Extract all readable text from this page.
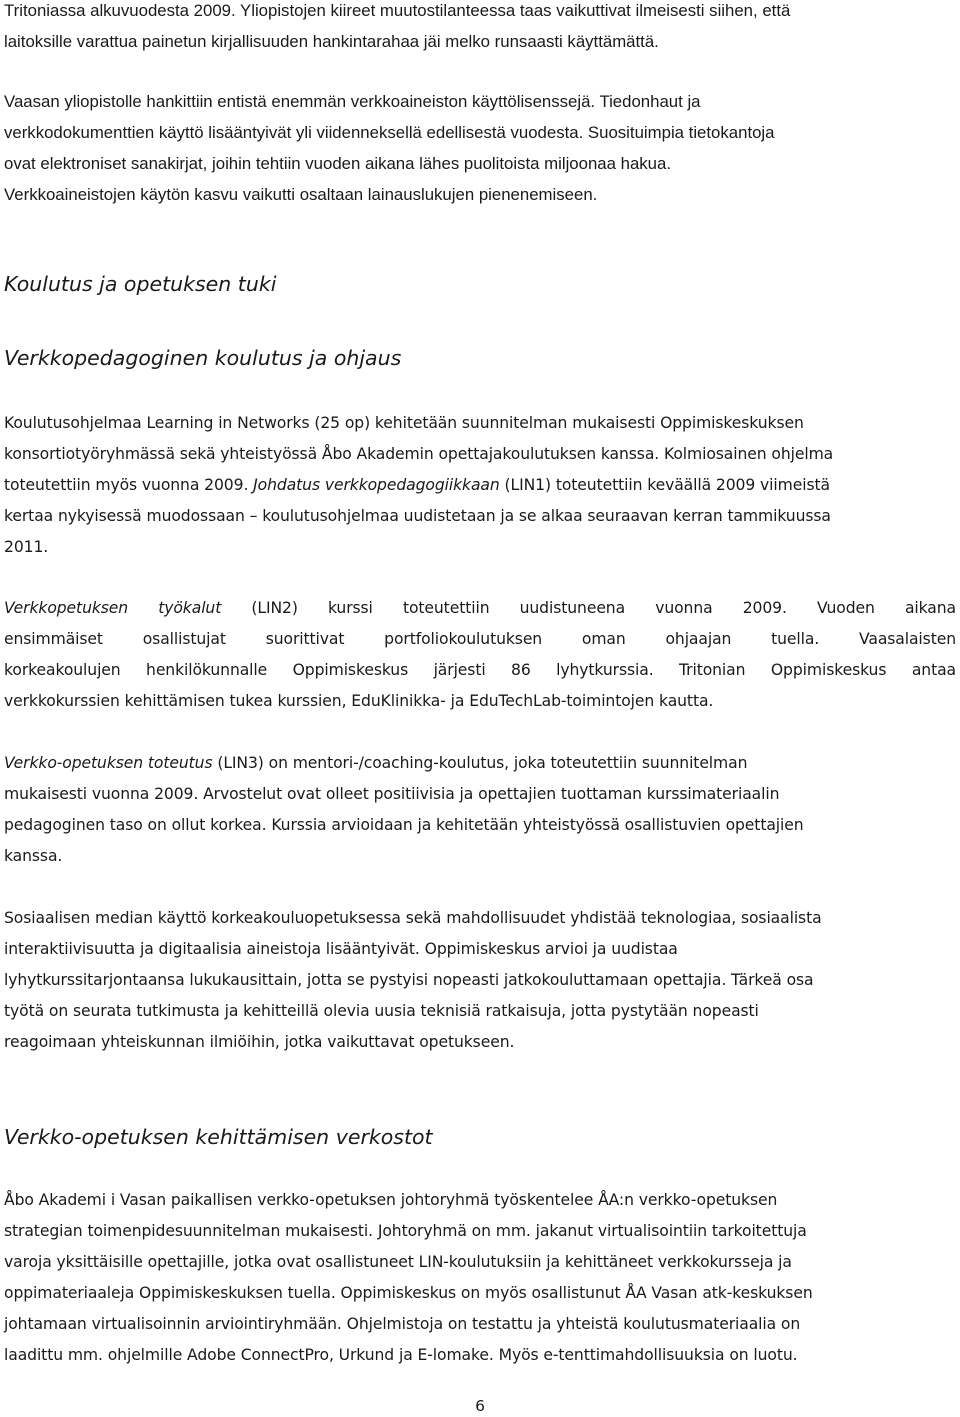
Tritoniassa alkuvuodesta 2009. Yliopistojen kiireet muutostilanteessa taas vaikuttivat ilmeisesti siihen, että
laitoksille varattua painetun kirjallisuuden hankintarahaa jäi melko runsaasti käyttämättä.
Vaasan yliopistolle hankittiin entistä enemmän verkkoaineiston käyttölisenssejä. Tiedonhaut ja
verkkodokumenttien käyttö lisääntyivät yli viidenneksellä edellisestä vuodesta. Suosituimpia tietokantoja
ovat elektroniset sanakirjat, joihin tehtiin vuoden aikana lähes puolitoista miljoonaa hakua.
Verkkoaineistojen käytön kasvu vaikutti osaltaan lainauslukujen pienenemiseen.
Koulutus ja opetuksen tuki
Verkkopedagoginen koulutus ja ohjaus
Koulutusohjelmaa Learning in Networks (25 op) kehitetään suunnitelman mukaisesti Oppimiskeskuksen
konsortiotyöryhmässä sekä yhteistyössä Åbo Akademin opettajakoulutuksen kanssa. Kolmiosainen ohjelma
toteutettiin myös vuonna 2009. Johdatus verkkopedagogiikkaan (LIN1) toteutettiin keväällä 2009 viimeistä
kertaa nykyisessä muodossaan – koulutusohjelmaa uudistetaan ja se alkaa seuraavan kerran tammikuussa
2011.
Verkkopetuksen työkalut (LIN2) kurssi toteutettiin uudistuneena vuonna 2009. Vuoden aikana
ensimmäiset osallistujat suorittivat portfoliokoulutuksen oman ohjaajan tuella. Vaasalaisten
korkeakoulujen henkilökunnalle Oppimiskeskus järjesti 86 lyhytkurssia. Tritonian Oppimiskeskus antaa
verkkokurssien kehittämisen tukea kurssien, EduKlinikka- ja EduTechLab-toimintojen kautta.
Verkko-opetuksen toteutus (LIN3) on mentori-/coaching-koulutus, joka toteutettiin suunnitelman
mukaisesti vuonna 2009. Arvostelut ovat olleet positiivisia ja opettajien tuottaman kurssimateriaalin
pedagoginen taso on ollut korkea. Kurssia arvioidaan ja kehitetään yhteistyössä osallistuvien opettajien
kanssa.
Sosiaalisen median käyttö korkeakouluopetuksessa sekä mahdollisuudet yhdistää teknologiaa, sosiaalista
interaktiivisuutta ja digitaalisia aineistoja lisääntyivät. Oppimiskeskus arvioi ja uudistaa
lyhytkurssitarjontaansa lukukausittain, jotta se pystyisi nopeasti jatkokouluttamaan opettajia. Tärkeä osa
työtä on seurata tutkimusta ja kehitteillä olevia uusia teknisiä ratkaisuja, jotta pystytään nopeasti
reagoimaan yhteiskunnan ilmiöihin, jotka vaikuttavat opetukseen.
Verkko-opetuksen kehittämisen verkostot
Åbo Akademi i Vasan paikallisen verkko-opetuksen johtoryhmä työskentelee ÅA:n verkko-opetuksen
strategian toimenpidesuunnitelman mukaisesti. Johtoryhmä on mm. jakanut virtualisointiin tarkoitettuja
varoja yksittäisille opettajille, jotka ovat osallistuneet LIN-koulutuksiin ja kehittäneet verkkokursseja ja
oppimateriaaleja Oppimiskeskuksen tuella. Oppimiskeskus on myös osallistunut ÅA Vasan atk-keskuksen
johtamaan virtualisoinnin arviointiryhmään. Ohjelmistoja on testattu ja yhteistä koulutusmateriaalia on
laadittu mm. ohjelmille Adobe ConnectPro, Urkund ja E-lomake. Myös e-tenttimahdollisuuksia on luotu.
6
